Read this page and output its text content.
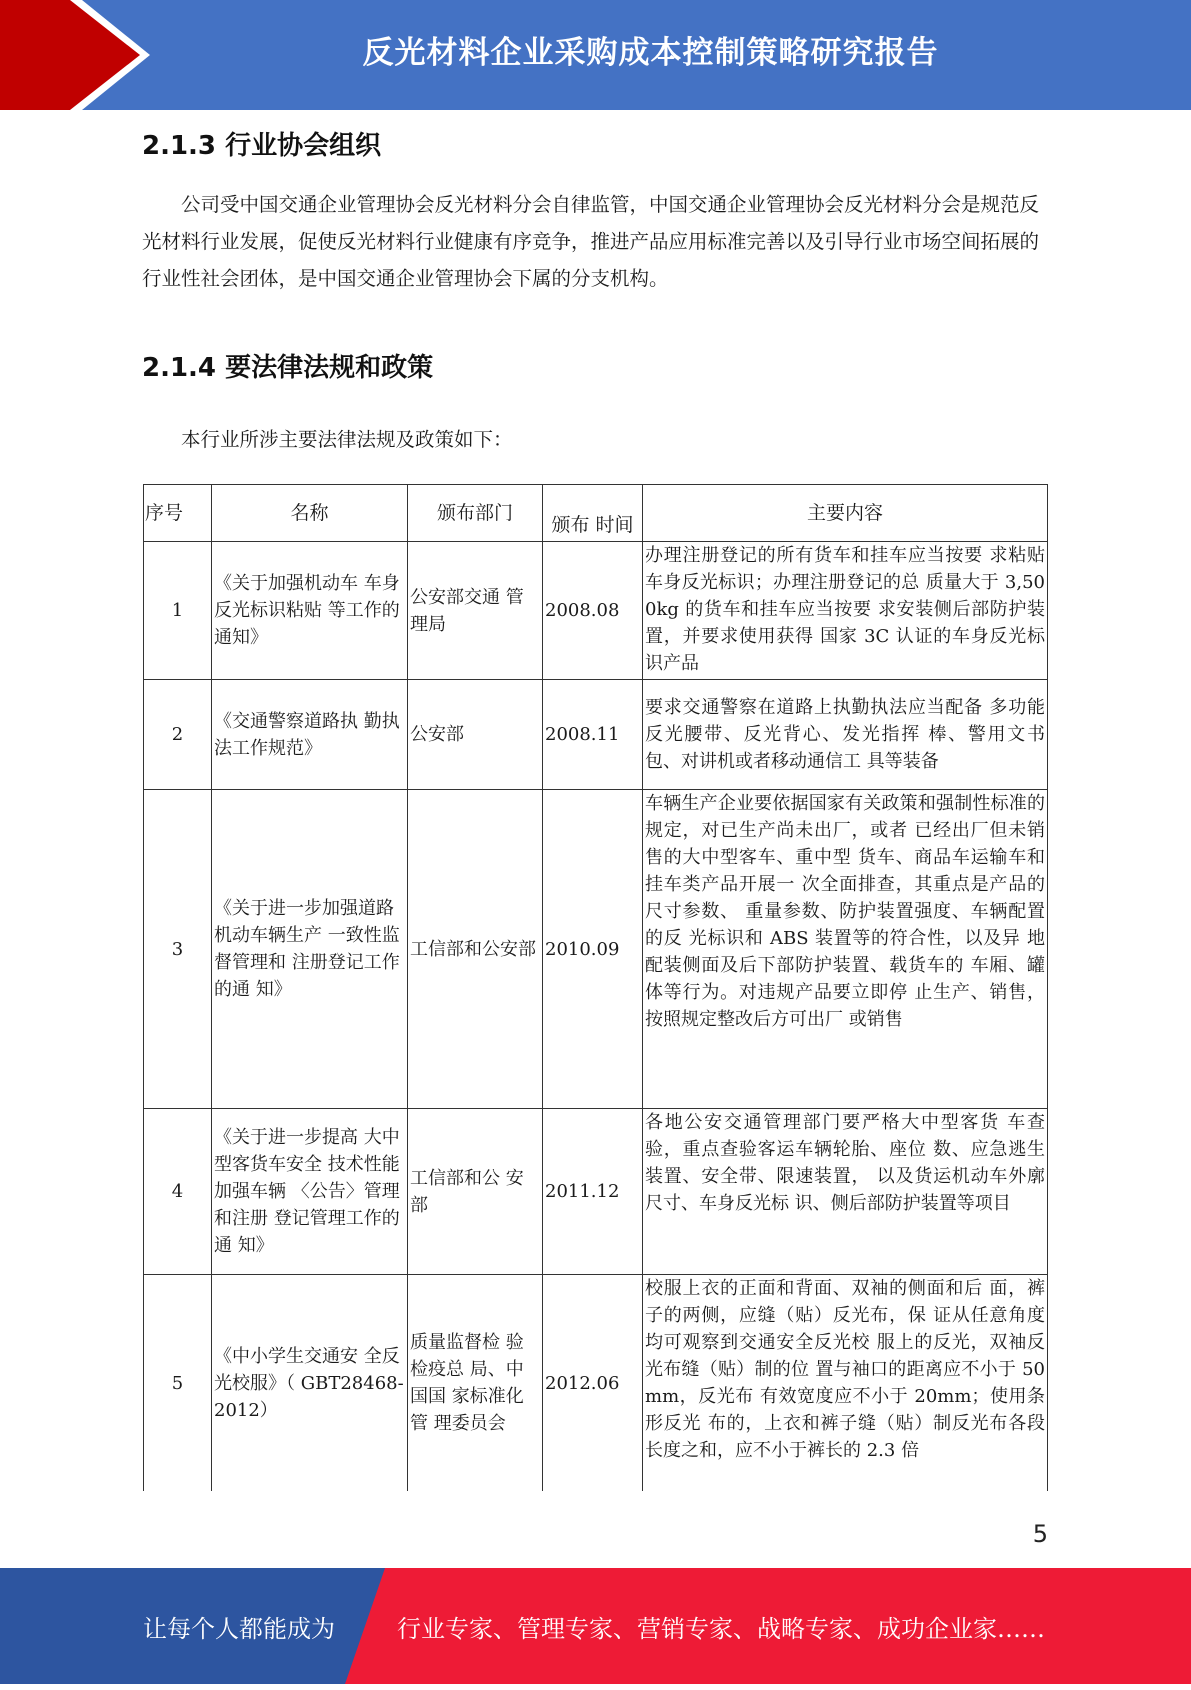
反光材料企业采购成本控制策略研究报告
2.1.3 行业协会组织

公司受中国交通企业管理协会反光材料分会自律监管，中国交通企业管理协会反光材料分会是规范反光材料行业发展，促使反光材料行业健康有序竞争，推进产品应用标准完善以及引导行业市场空间拓展的行业性社会团体，是中国交通企业管理协会下属的分支机构。

2.1.4 要法律法规和政策

本行业所涉主要法律法规及政策如下：

序号	名称	颁布部门	颁布 时间	主要内容
1	《关于加强机动车 车身反光标识粘贴 等工作的通知》	公安部交通 管理局	2008.08	办理注册登记的所有货车和挂车应当按要 求粘贴车身反光标识；办理注册登记的总 质量大于 3,500kg 的货车和挂车应当按要 求安装侧后部防护装置，并要求使用获得 国家 3C 认证的车身反光标识产品
2	《交通警察道路执 勤执法工作规范》	公安部	2008.11	要求交通警察在道路上执勤执法应当配备 多功能反光腰带、反光背心、发光指挥 棒、警用文书包、对讲机或者移动通信工 具等装备
3	《关于进一步加强道路机动车辆生产 一致性监督管理和 注册登记工作的通 知》	工信部和公安部	2010.09	车辆生产企业要依据国家有关政策和强制性标准的规定，对已生产尚未出厂，或者 已经出厂但未销售的大中型客车、重中型 货车、商品车运输车和挂车类产品开展一 次全面排查，其重点是产品的尺寸参数、 重量参数、防护装置强度、车辆配置的反 光标识和 ABS 装置等的符合性，以及异 地配装侧面及后下部防护装置、载货车的 车厢、罐体等行为。对违规产品要立即停 止生产、销售，按照规定整改后方可出厂 或销售
4	《关于进一步提高 大中型客货车安全 技术性能加强车辆 〈公告〉管理和注册 登记管理工作的通 知》	工信部和公 安部	2011.12	各地公安交通管理部门要严格大中型客货 车查验，重点查验客运车辆轮胎、座位 数、应急逃生装置、安全带、限速装置， 以及货运机动车外廓尺寸、车身反光标 识、侧后部防护装置等项目
5	《中小学生交通安 全反光校服》（ GBT28468-2012）	质量监督检 验检疫总 局、中国国 家标准化管 理委员会	2012.06	校服上衣的正面和背面、双袖的侧面和后 面，裤子的两侧，应缝（贴）反光布，保 证从任意角度均可观察到交通安全反光校 服上的反光，双袖反光布缝（贴）制的位 置与袖口的距离应不小于 50mm，反光布 有效宽度应不小于 20mm；使用条形反光 布的，上衣和裤子缝（贴）制反光布各段 长度之和，应不小于裤长的 2.3 倍
5
让每个人都能成为	行业专家、管理专家、营销专家、战略专家、成功企业家……
